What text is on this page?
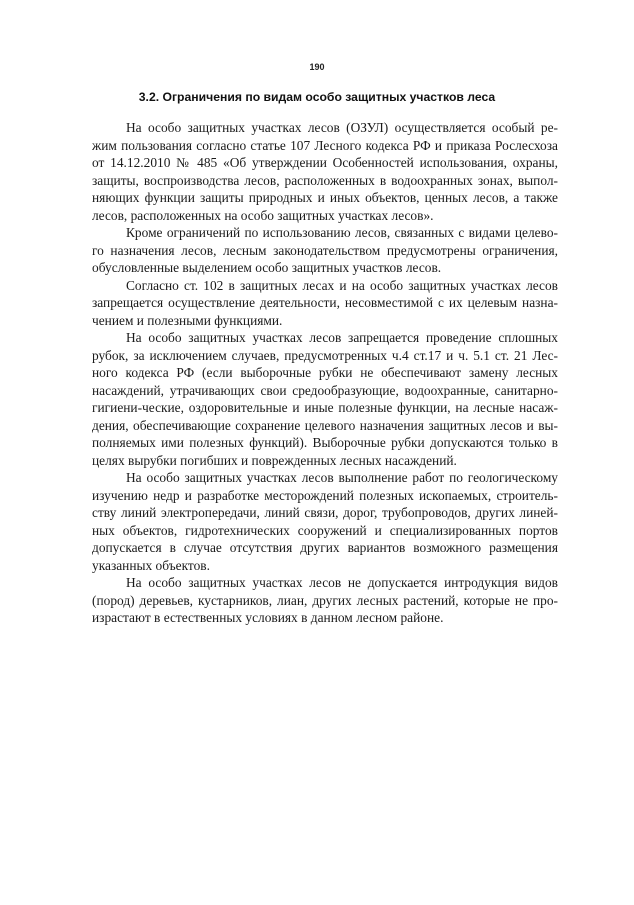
190
3.2. Ограничения по видам особо защитных участков леса
На особо защитных участках лесов (ОЗУЛ) осуществляется особый ре-
жим пользования согласно статье 107 Лесного кодекса РФ и приказа Рослесхоза
от 14.12.2010 № 485 «Об утверждении Особенностей использования, охраны,
защиты, воспроизводства лесов, расположенных в водоохранных зонах, выпол-
няющих функции защиты природных и иных объектов, ценных лесов, а также
лесов, расположенных на особо защитных участках лесов».
Кроме ограничений по использованию лесов, связанных с видами целево-
го назначения лесов, лесным законодательством предусмотрены ограничения,
обусловленные выделением особо защитных участков лесов.
Согласно ст. 102 в защитных лесах и на особо защитных участках лесов
запрещается осуществление деятельности, несовместимой с их целевым назна-
чением и полезными функциями.
На особо защитных участках лесов запрещается проведение сплошных
рубок, за исключением случаев, предусмотренных ч.4 ст.17 и ч. 5.1 ст. 21 Лес-
ного кодекса РФ (если выборочные рубки не обеспечивают замену лесных
насаждений, утрачивающих свои средообразующие, водоохранные, санитарно-
гигиени-ческие, оздоровительные и иные полезные функции, на лесные насаж-
дения, обеспечивающие сохранение целевого назначения защитных лесов и вы-
полняемых ими полезных функций). Выборочные рубки допускаются только в
целях вырубки погибших и поврежденных лесных насаждений.
На особо защитных участках лесов выполнение работ по геологическому
изучению недр и разработке месторождений полезных ископаемых, строитель-
ству линий электропередачи, линий связи, дорог, трубопроводов, других линей-
ных объектов, гидротехнических сооружений и специализированных портов
допускается в случае отсутствия других вариантов возможного размещения
указанных объектов.
На особо защитных участках лесов не допускается интродукция видов
(пород) деревьев, кустарников, лиан, других лесных растений, которые не про-
израстают в естественных условиях в данном лесном районе.
